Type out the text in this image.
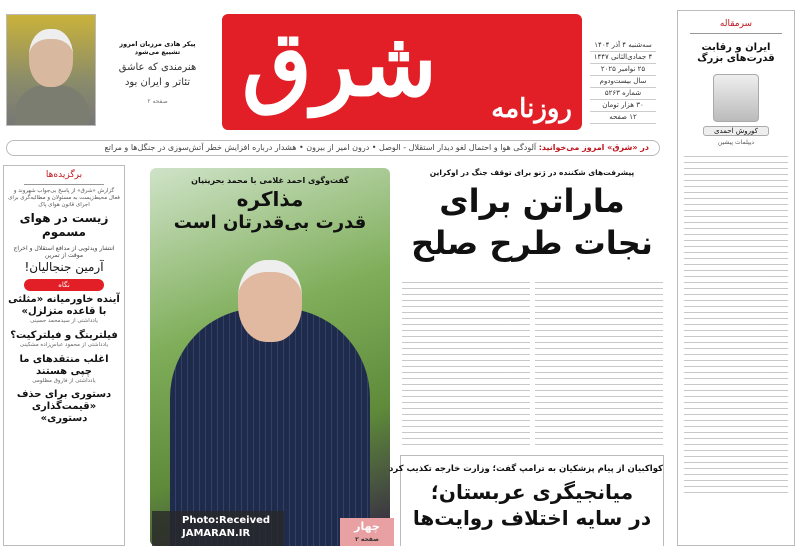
پیکر هادی مرزبان امروز تشییع می‌شود
هنرمندی که عاشق تئاتر و ایران بود
صفحه ۲ شرق روزنامه
سه‌شنبه ۴ آذر ۱۴۰۴
۴ جمادی‌الثانی ۱۴۴۷
۲۵ نوامبر ۲۰۲۵
سال بیست‌ودوم
شماره ۵۲۶۳
۳۰ هزار تومان
۱۲ صفحه
در «شرق» امروز می‌خوانید: آلودگی هوا و احتمال لغو دیدار استقلال - الوصل • درون امیر از بیرون • هشدار درباره افزایش خطر آتش‌سوزی در جنگل‌ها و مراتع
سرمقاله
ایران و رقابت قدرت‌های بزرگ
کوروش احمدی
دیپلمات پیشین
برگزیده‌ها
گزارش «شرق» از پاسخ بی‌جواب شهروند و فعال محیط‌زیست به مسئولان و مطالبه‌گری برای اجرای قانون هوای پاک
زیست در هوای مسموم
انتشار ویدئویی از مدافع استقلال و اخراج موقت از تمرین
آرمین جنجالیان!
نگاه
آینده خاورمیانه «مثلثی با قاعده متزلزل»
یادداشتی از سیدمحمد حسینی
فیلترینگ و فیلترکیت؟
یادداشتی از محمود عباس‌زاده مشکینی
اغلب منتقدهای ما چپی هستند
یادداشتی از فاروق مظلومی
دستوری برای حذف «قیمت‌گذاری دستوری»
گفت‌وگوی احمد غلامی با محمد بحرینیان
مذاکره
قدرت بی‌قدرتان است
پیشرفت‌های شکننده در ژنو برای توقف جنگ در اوکراین
ماراتن برای
نجات طرح صلح
کواکبیان از پیام پزشکیان به ترامپ گفت؛ وزارت خارجه تکذیب کرد
میانجیگری عربستان؛
در سایه اختلاف روایت‌ها
چهار
صفحه ۲
Photo:Received
JAMARAN.IR
